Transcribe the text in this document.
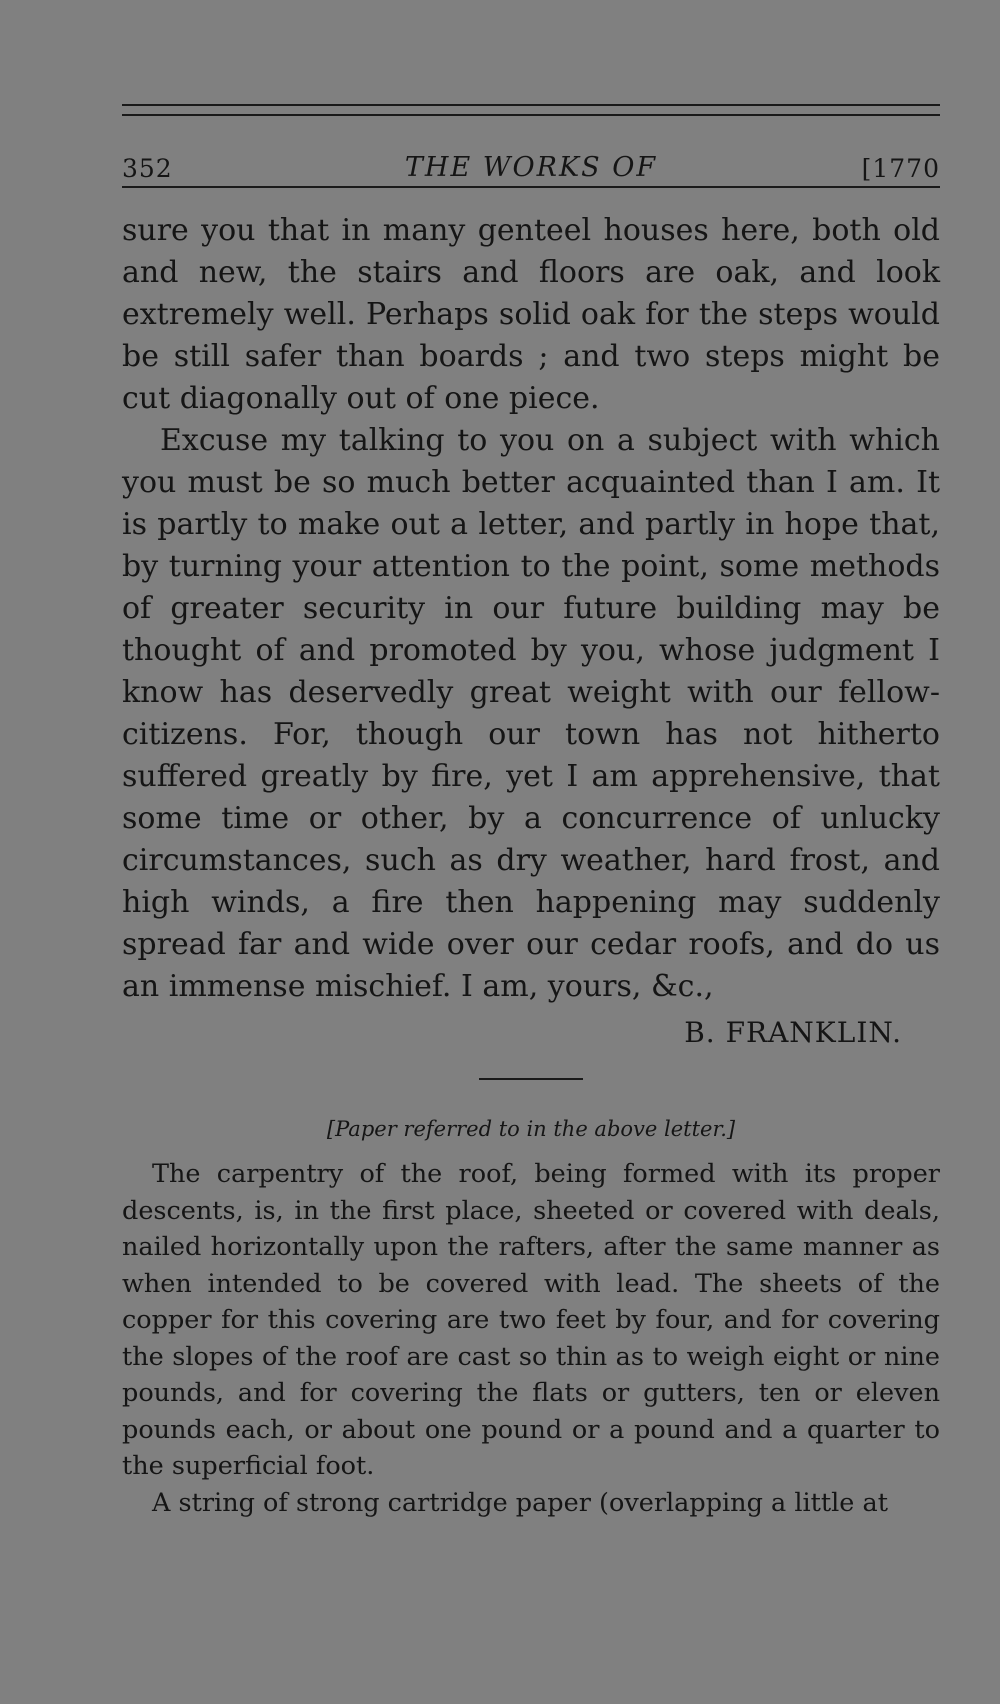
352	THE WORKS OF	[1770

sure you that in many genteel houses here, both old and new, the stairs and floors are oak, and look extremely well. Perhaps solid oak for the steps would be still safer than boards ; and two steps might be cut diagonally out of one piece.

Excuse my talking to you on a subject with which you must be so much better acquainted than I am. It is partly to make out a letter, and partly in hope that, by turning your attention to the point, some methods of greater security in our future building may be thought of and promoted by you, whose judgment I know has deservedly great weight with our fellow-citizens. For, though our town has not hitherto suffered greatly by fire, yet I am apprehensive, that some time or other, by a concurrence of unlucky circumstances, such as dry weather, hard frost, and high winds, a fire then happening may suddenly spread far and wide over our cedar roofs, and do us an immense mischief. I am, yours, &c.,

B. FRANKLIN.
[Paper referred to in the above letter.]

The carpentry of the roof, being formed with its proper descents, is, in the first place, sheeted or covered with deals, nailed horizontally upon the rafters, after the same manner as when intended to be covered with lead. The sheets of the copper for this covering are two feet by four, and for covering the slopes of the roof are cast so thin as to weigh eight or nine pounds, and for covering the flats or gutters, ten or eleven pounds each, or about one pound or a pound and a quarter to the superficial foot.

A string of strong cartridge paper (overlapping a little at
